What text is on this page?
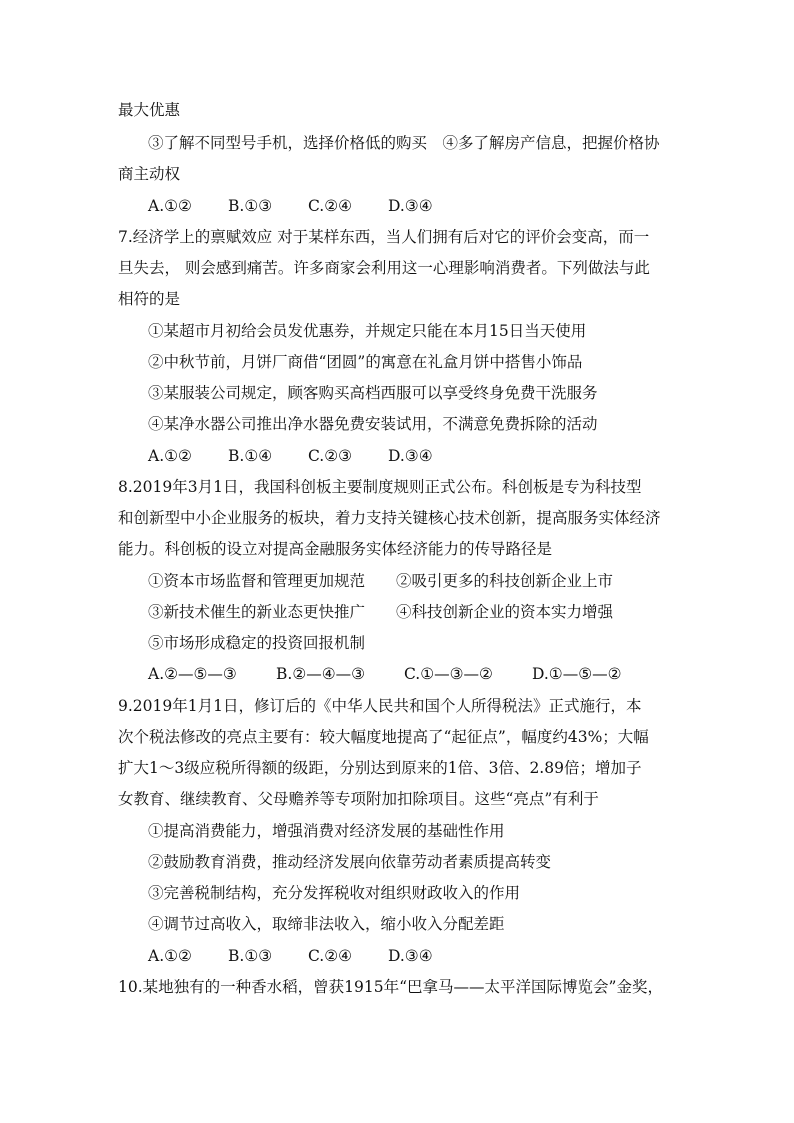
最大优惠
③了解不同型号手机，选择价格低的购买　④多了解房产信息，把握价格协
商主动权
A.①② B.①③ C.②④ D.③④
7.经济学上的禀赋效应 对于某样东西，当人们拥有后对它的评价会变高，而一
旦失去， 则会感到痛苦。许多商家会利用这一心理影响消费者。下列做法与此
相符的是
①某超市月初给会员发优惠券，并规定只能在本月15日当天使用
②中秋节前，月饼厂商借“团圆”的寓意在礼盒月饼中搭售小饰品
③某服装公司规定，顾客购买高档西服可以享受终身免费干洗服务
④某净水器公司推出净水器免费安装试用，不满意免费拆除的活动
A.①② B.①④ C.②③ D.③④
8.2019年3月1日，我国科创板主要制度规则正式公布。科创板是专为科技型
和创新型中小企业服务的板块，着力支持关键核心技术创新，提高服务实体经济
能力。科创板的设立对提高金融服务实体经济能力的传导路径是
①资本市场监督和管理更加规范　　②吸引更多的科技创新企业上市
③新技术催生的新业态更快推广　　④科技创新企业的资本实力增强
⑤市场形成稳定的投资回报机制
A.②—⑤—③	B.②—④—③	C.①—③—②	D.①—⑤—②
9.2019年1月1日，修订后的《中华人民共和国个人所得税法》正式施行，本
次个税法修改的亮点主要有：较大幅度地提高了“起征点”，幅度约43%；大幅
扩大1～3级应税所得额的级距，分别达到原来的1倍、3倍、2.89倍；增加子
女教育、继续教育、父母赡养等专项附加扣除项目。这些“亮点”有利于
①提高消费能力，增强消费对经济发展的基础性作用
②鼓励教育消费，推动经济发展向依靠劳动者素质提高转变
③完善税制结构，充分发挥税收对组织财政收入的作用
④调节过高收入，取缔非法收入，缩小收入分配差距
A.①② B.①③ C.②④ D.③④
10.某地独有的一种香水稻，曾获1915年“巴拿马——太平洋国际博览会”金奖，
